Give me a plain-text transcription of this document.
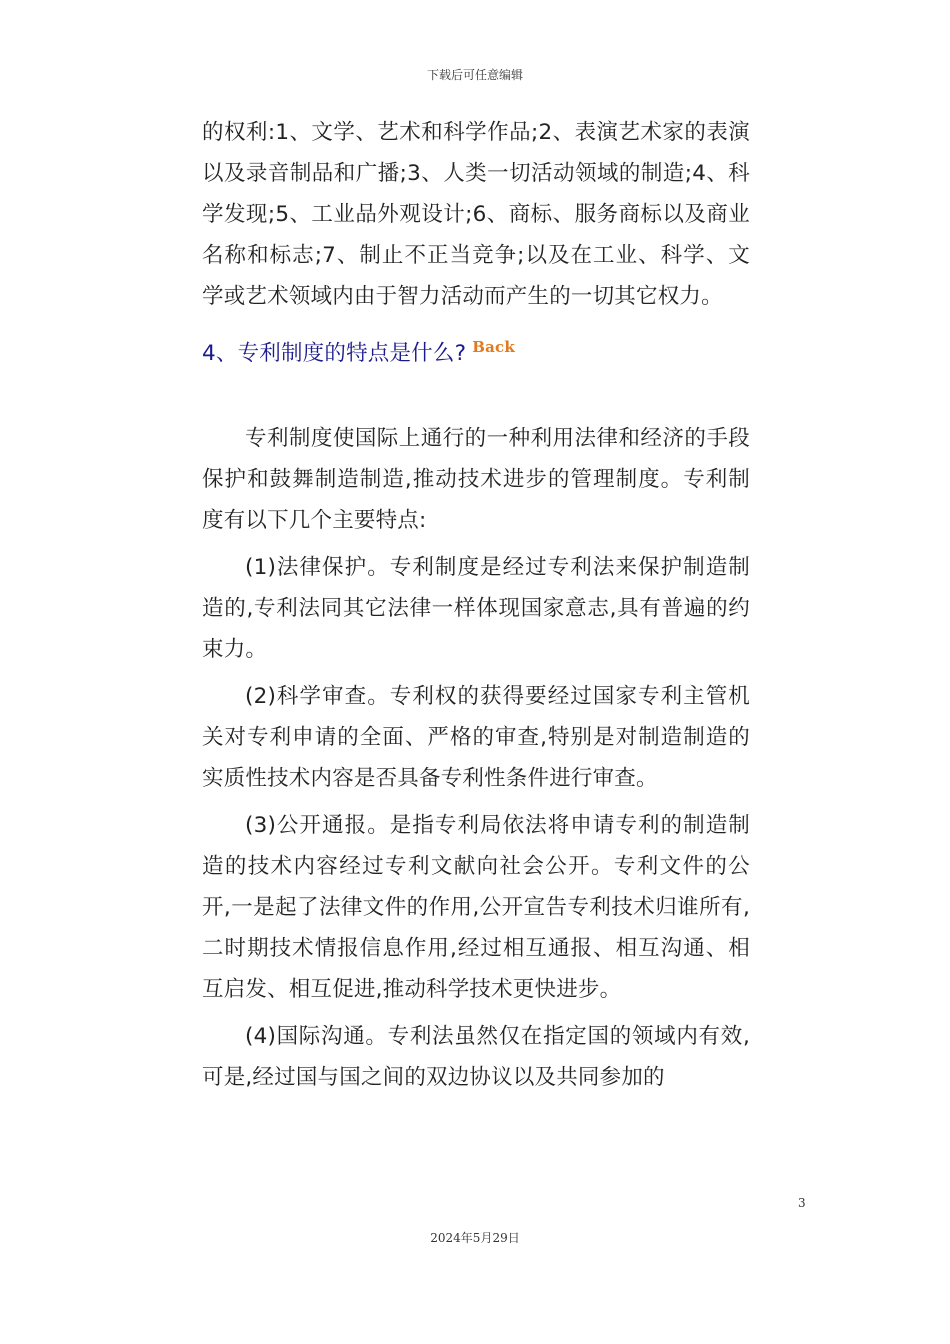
下载后可任意编辑

的权利:1、文学、艺术和科学作品;2、表演艺术家的表演以及录音制品和广播;3、人类一切活动领域的制造;4、科学发现;5、工业品外观设计;6、商标、服务商标以及商业名称和标志;7、制止不正当竞争;以及在工业、科学、文学或艺术领域内由于智力活动而产生的一切其它权力。

4、专利制度的特点是什么? $^{Back}$

专利制度使国际上通行的一种利用法律和经济的手段保护和鼓舞制造制造,推动技术进步的管理制度。专利制度有以下几个主要特点:

(1)法律保护。专利制度是经过专利法来保护制造制造的,专利法同其它法律一样体现国家意志,具有普遍的约束力。

(2)科学审查。专利权的获得要经过国家专利主管机关对专利申请的全面、严格的审查,特别是对制造制造的实质性技术内容是否具备专利性条件进行审查。

(3)公开通报。是指专利局依法将申请专利的制造制造的技术内容经过专利文献向社会公开。专利文件的公开,一是起了法律文件的作用,公开宣告专利技术归谁所有,二时期技术情报信息作用,经过相互通报、相互沟通、相互启发、相互促进,推动科学技术更快进步。

(4)国际沟通。专利法虽然仅在指定国的领域内有效,可是,经过国与国之间的双边协议以及共同参加的

3
2024年5月29日
